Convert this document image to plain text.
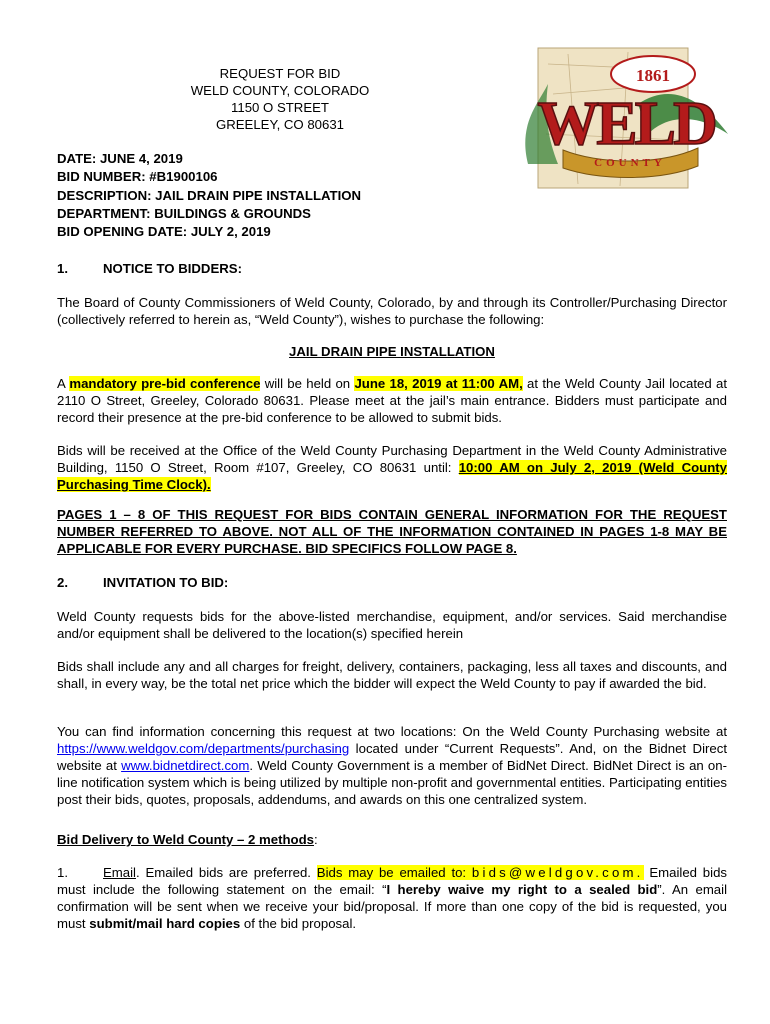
REQUEST FOR BID
WELD COUNTY, COLORADO
1150 O STREET
GREELEY, CO 80631
1861
WELD
COUNTY
DATE: JUNE 4, 2019
BID NUMBER: #B1900106
DESCRIPTION: JAIL DRAIN PIPE INSTALLATION
DEPARTMENT: BUILDINGS & GROUNDS
BID OPENING DATE: JULY 2, 2019
1.	NOTICE TO BIDDERS:
The Board of County Commissioners of Weld County, Colorado, by and through its Controller/Purchasing Director (collectively referred to herein as, “Weld County”), wishes to purchase the following:
JAIL DRAIN PIPE INSTALLATION
A mandatory pre-bid conference will be held on June 18, 2019 at 11:00 AM, at the Weld County Jail located at 2110 O Street, Greeley, Colorado 80631. Please meet at the jail’s main entrance. Bidders must participate and record their presence at the pre-bid conference to be allowed to submit bids.
Bids will be received at the Office of the Weld County Purchasing Department in the Weld County Administrative Building, 1150 O Street, Room #107, Greeley, CO 80631 until: 10:00 AM on July 2, 2019 (Weld County Purchasing Time Clock).
PAGES 1 – 8 OF THIS REQUEST FOR BIDS CONTAIN GENERAL INFORMATION FOR THE REQUEST NUMBER REFERRED TO ABOVE. NOT ALL OF THE INFORMATION CONTAINED IN PAGES 1-8 MAY BE APPLICABLE FOR EVERY PURCHASE. BID SPECIFICS FOLLOW PAGE 8.
2.	INVITATION TO BID:
Weld County requests bids for the above-listed merchandise, equipment, and/or services. Said merchandise and/or equipment shall be delivered to the location(s) specified herein
Bids shall include any and all charges for freight, delivery, containers, packaging, less all taxes and discounts, and shall, in every way, be the total net price which the bidder will expect the Weld County to pay if awarded the bid.
You can find information concerning this request at two locations: On the Weld County Purchasing website at https://www.weldgov.com/departments/purchasing located under “Current Requests”. And, on the Bidnet Direct website at www.bidnetdirect.com. Weld County Government is a member of BidNet Direct. BidNet Direct is an on-line notification system which is being utilized by multiple non-profit and governmental entities. Participating entities post their bids, quotes, proposals, addendums, and awards on this one centralized system.
Bid Delivery to Weld County – 2 methods:
1.	Email. Emailed bids are preferred. Bids may be emailed to: bids@weldgov.com. Emailed bids must include the following statement on the email: “I hereby waive my right to a sealed bid”. An email confirmation will be sent when we receive your bid/proposal. If more than one copy of the bid is requested, you must submit/mail hard copies of the bid proposal.
